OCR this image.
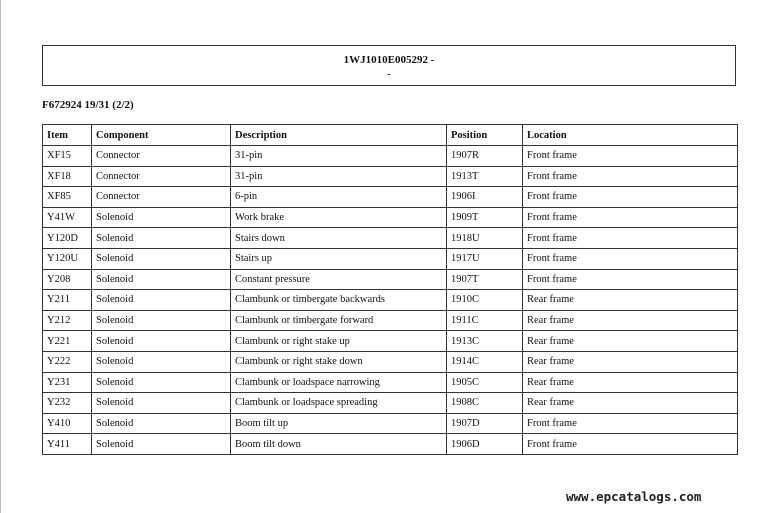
1WJ1010E005292 -
-
F672924 19/31 (2/2)
Item	Component	Description	Position	Location
XF15	Connector	31-pin	1907R	Front frame
XF18	Connector	31-pin	1913T	Front frame
XF85	Connector	6-pin	1906I	Front frame
Y41W	Solenoid	Work brake	1909T	Front frame
Y120D	Solenoid	Stairs down	1918U	Front frame
Y120U	Solenoid	Stairs up	1917U	Front frame
Y208	Solenoid	Constant pressure	1907T	Front frame
Y211	Solenoid	Clambunk or timbergate backwards	1910C	Rear frame
Y212	Solenoid	Clambunk or timbergate forward	1911C	Rear frame
Y221	Solenoid	Clambunk or right stake up	1913C	Rear frame
Y222	Solenoid	Clambunk or right stake down	1914C	Rear frame
Y231	Solenoid	Clambunk or loadspace narrowing	1905C	Rear frame
Y232	Solenoid	Clambunk or loadspace spreading	1908C	Rear frame
Y410	Solenoid	Boom tilt up	1907D	Front frame
Y411	Solenoid	Boom tilt down	1906D	Front frame
www.epcatalogs.com
